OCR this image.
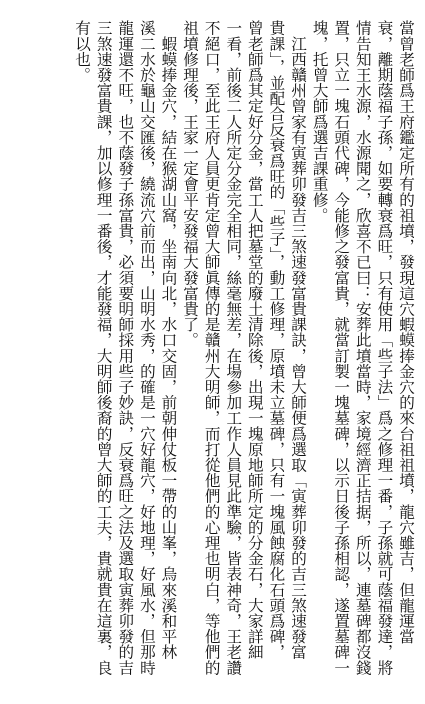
當曾老師爲王府鑑定所有的祖墳，發現這穴蝦蟆捧金穴的來台祖祖墳，龍穴雖吉，但龍運當
衰，離期蔭福子孫，如要轉衰爲旺，只有使用「些子法」爲之修理一番，子孫就可蔭福發達，將
情告知王水源，水源聞之，欣喜不已曰：安葬此墳當時，家境經濟正拮据，所以，連墓碑都沒錢
置，只立一塊石頭代碑，今能修之發富貴，就當訂製一塊墓碑，以示日後子孫相認，遂置墓碑一
塊，托曾大師爲選吉課重修。
　江西贛州曾家有寅葬卯發吉三煞速發富貴課訣，曾大師便爲選取「寅葬卯發的吉三煞速發富
貴課」，並配合反衰爲旺的「些子」，動工修理，原墳未立墓碑，只有一塊風蝕腐化石頭爲碑，
曾老師爲其定好分金，當工人把墓堂的廢土清除後，出現一塊原地師所定的分金石，大家詳細
一看，前後二人所定分金完全相同，絲毫無差，在場參加工作人員見此準驗，皆表神奇，王老讚
不絕口，至此王府人員更肯定曾大師眞傳的是贛州大明師，而打從他們的心理也明白，等他們的
祖墳修理後，王家一定會平安發福大發富貴了。
　蝦蟆捧金穴，結在猴湖山窩，坐南向北，水口交固，前朝伸仗板一帶的山峯，烏來溪和平林
溪二水於龜山交匯後，繞流穴前而出，山明水秀，的確是一穴好龍穴，好地理，好風水，但那時
龍運還不旺，也不蔭發子孫富貴，必須要明師採用些子妙訣，反衰爲旺之法及選取寅葬卯發的吉
三煞速發富貴課，加以修理一番後，才能發福，大明師後裔的曾大師的工夫，貴就貴在這裏，良
有以也。
